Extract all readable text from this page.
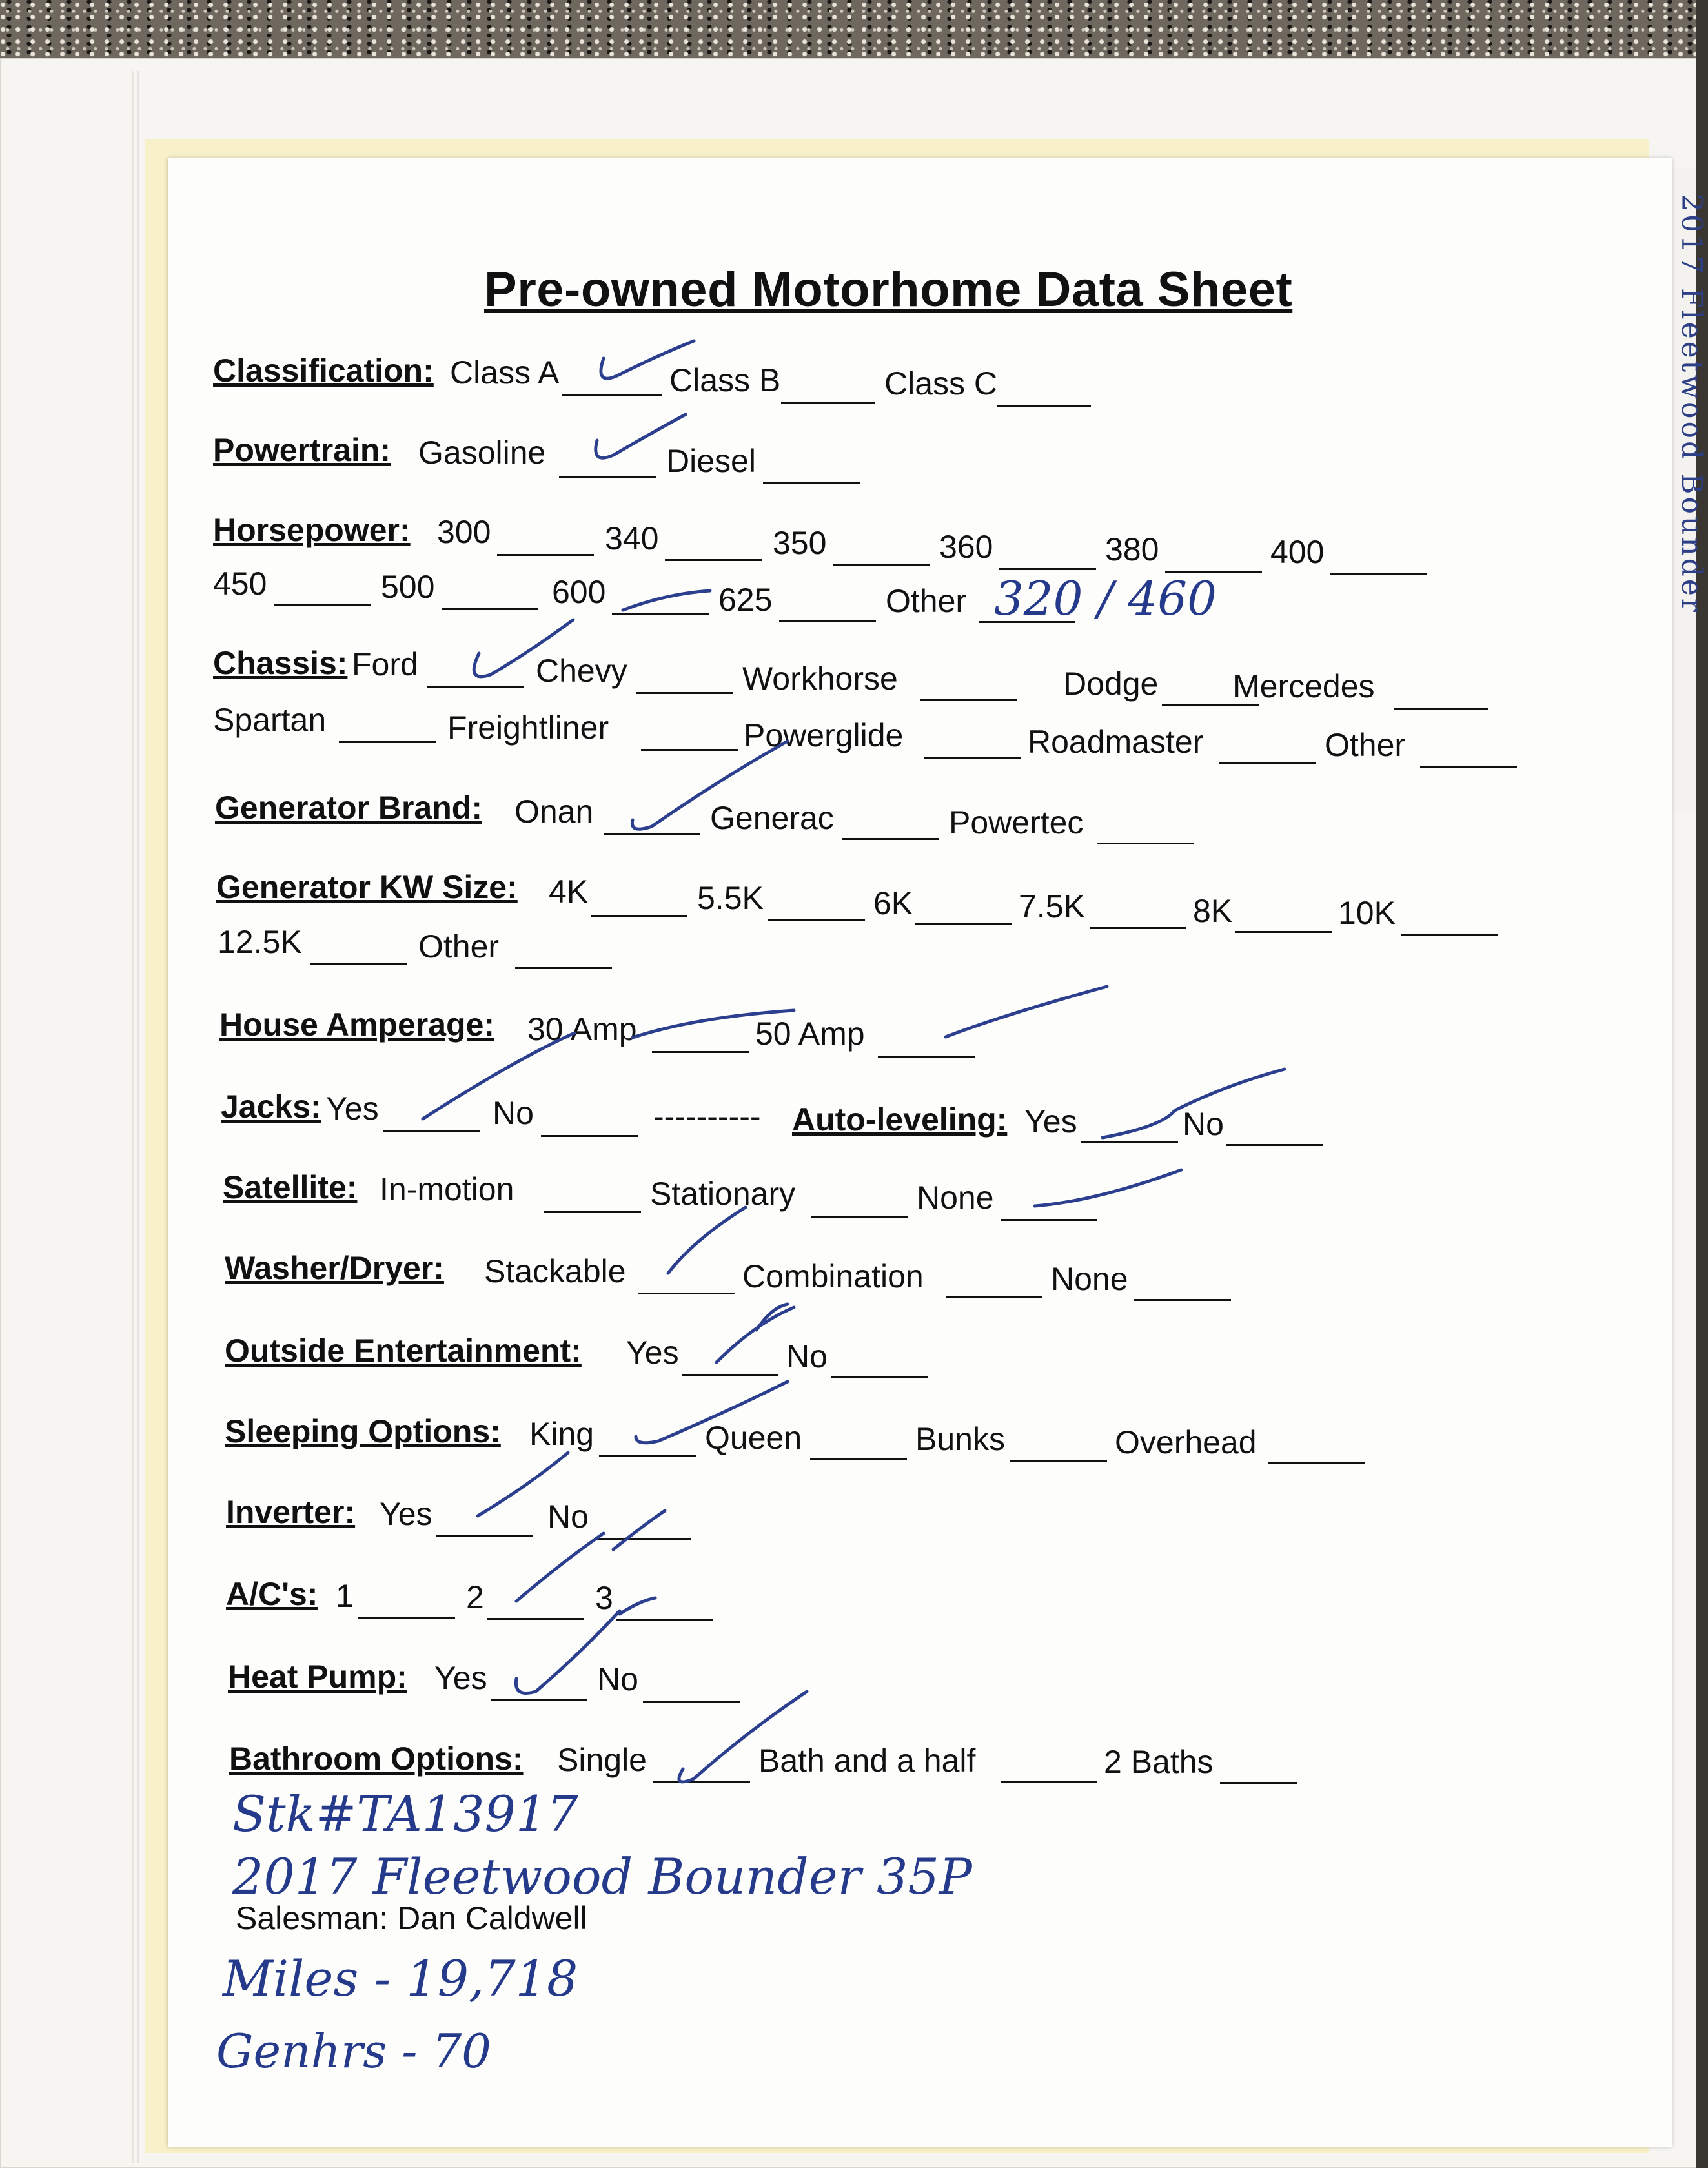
2017 Fleetwood Bounder
Pre-owned Motorhome Data Sheet
Classification: Class A	Class B	Class C
Powertrain: Gasoline	Diesel
Horsepower: 300	340	350	360	380	400
450	500	600	625	Other 320 / 460
Chassis: Ford	Chevy	Workhorse	Dodge Mercedes
Spartan	Freightliner	Powerglide	Roadmaster	Other
Generator Brand: Onan	Generac	Powertec
Generator KW Size: 4K	5.5K	6K	7.5K	8K	10K
12.5K	Other
House Amperage: 30 Amp	50 Amp
Jacks: Yes	No	---------- Auto-leveling: Yes	No
Satellite: In-motion	Stationary	None
Washer/Dryer: Stackable	Combination	None
Outside Entertainment: Yes	No
Sleeping Options: King	Queen	Bunks	Overhead
Inverter: Yes	No
A/C's: 1	2	3
Heat Pump: Yes	No
Bathroom Options: Single	Bath and a half	2 Baths
Stk#TA13917
2017 Fleetwood Bounder 35P
Salesman: Dan Caldwell
Miles - 19,718
Genhrs - 70
